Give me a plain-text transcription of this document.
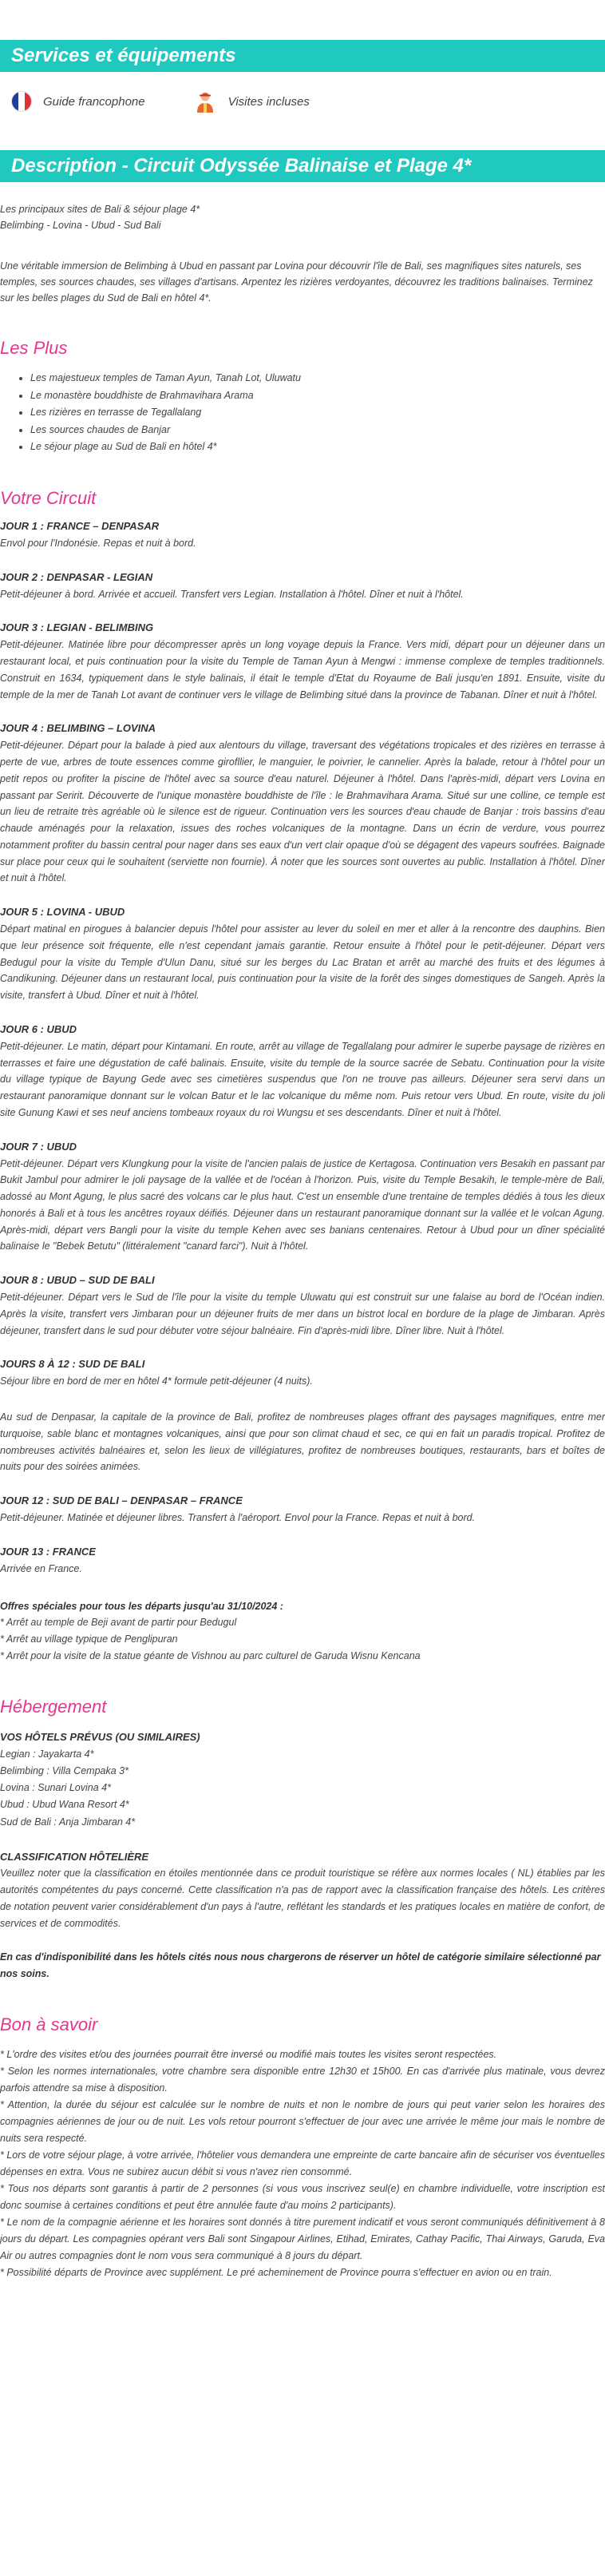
Services et équipements
Guide francophone	Visites incluses
Description - Circuit Odyssée Balinaise et Plage 4*

Les principaux sites de Bali & séjour plage 4*

Belimbing - Lovina - Ubud - Sud Bali

Une véritable immersion de Belimbing à Ubud en passant par Lovina pour découvrir l'île de Bali, ses magnifiques sites naturels, ses temples, ses sources chaudes, ses villages d'artisans. Arpentez les rizières verdoyantes, découvrez les traditions balinaises. Terminez sur les belles plages du Sud de Bali en hôtel 4*.

Les Plus
• Les majestueux temples de Taman Ayun, Tanah Lot, Uluwatu
• Le monastère bouddhiste de Brahmavihara Arama
• Les rizières en terrasse de Tegallalang
• Les sources chaudes de Banjar
• Le séjour plage au Sud de Bali en hôtel 4*
Votre Circuit
JOUR 1 : FRANCE – DENPASAR

Envol pour l'Indonésie. Repas et nuit à bord.

JOUR 2 : DENPASAR - LEGIAN

Petit-déjeuner à bord. Arrivée et accueil. Transfert vers Legian. Installation à l'hôtel. Dîner et nuit à l'hôtel.

JOUR 3 : LEGIAN - BELIMBING

Petit-déjeuner. Matinée libre pour décompresser après un long voyage depuis la France. Vers midi, départ pour un déjeuner dans un restaurant local, et puis continuation pour la visite du Temple de Taman Ayun à Mengwi : immense complexe de temples traditionnels. Construit en 1634, typiquement dans le style balinais, il était le temple d'Etat du Royaume de Bali jusqu'en 1891. Ensuite, visite du temple de la mer de Tanah Lot avant de continuer vers le village de Belimbing situé dans la province de Tabanan. Dîner et nuit à l'hôtel.

JOUR 4 : BELIMBING – LOVINA

Petit-déjeuner. Départ pour la balade à pied aux alentours du village, traversant des végétations tropicales et des rizières en terrasse à perte de vue, arbres de toute essences comme girofllier, le manguier, le poivrier, le cannelier. Après la balade, retour à l'hôtel pour un petit repos ou profiter la piscine de l'hôtel avec sa source d'eau naturel. Déjeuner à l'hôtel. Dans l'après-midi, départ vers Lovina en passant par Seririt. Découverte de l'unique monastère bouddhiste de l'île : le Brahmavihara Arama. Situé sur une colline, ce temple est un lieu de retraite très agréable où le silence est de rigueur. Continuation vers les sources d'eau chaude de Banjar : trois bassins d'eau chaude aménagés pour la relaxation, issues des roches volcaniques de la montagne. Dans un écrin de verdure, vous pourrez notamment profiter du bassin central pour nager dans ses eaux d'un vert clair opaque d'où se dégagent des vapeurs soufrées. Baignade sur place pour ceux qui le souhaitent (serviette non fournie). À noter que les sources sont ouvertes au public. Installation à l'hôtel. Dîner et nuit à l'hôtel.

JOUR 5 : LOVINA - UBUD

Départ matinal en pirogues à balancier depuis l'hôtel pour assister au lever du soleil en mer et aller à la rencontre des dauphins. Bien que leur présence soit fréquente, elle n'est cependant jamais garantie. Retour ensuite à l'hôtel pour le petit-déjeuner. Départ vers Bedugul pour la visite du Temple d'Ulun Danu, situé sur les berges du Lac Bratan et arrêt au marché des fruits et des légumes à Candikuning. Déjeuner dans un restaurant local, puis continuation pour la visite de la forêt des singes domestiques de Sangeh. Après la visite, transfert à Ubud. Dîner et nuit à l'hôtel.

JOUR 6 : UBUD

Petit-déjeuner. Le matin, départ pour Kintamani. En route, arrêt au village de Tegallalang pour admirer le superbe paysage de rizières en terrasses et faire une dégustation de café balinais. Ensuite, visite du temple de la source sacrée de Sebatu. Continuation pour la visite du village typique de Bayung Gede avec ses cimetières suspendus que l'on ne trouve pas ailleurs. Déjeuner sera servi dans un restaurant panoramique donnant sur le volcan Batur et le lac volcanique du même nom. Puis retour vers Ubud. En route, visite du joli site Gunung Kawi et ses neuf anciens tombeaux royaux du roi Wungsu et ses descendants. Dîner et nuit à l'hôtel.

JOUR 7 : UBUD

Petit-déjeuner. Départ vers Klungkung pour la visite de l'ancien palais de justice de Kertagosa. Continuation vers Besakih en passant par Bukit Jambul pour admirer le joli paysage de la vallée et de l'océan à l'horizon. Puis, visite du Temple Besakih, le temple-mère de Bali, adossé au Mont Agung, le plus sacré des volcans car le plus haut. C'est un ensemble d'une trentaine de temples dédiés à tous les dieux honorés à Bali et à tous les ancêtres royaux déifiés. Déjeuner dans un restaurant panoramique donnant sur la vallée et le volcan Agung. Après-midi, départ vers Bangli pour la visite du temple Kehen avec ses banians centenaires. Retour à Ubud pour un dîner spécialité balinaise le "Bebek Betutu" (littéralement "canard farci"). Nuit à l'hôtel.

JOUR 8 : UBUD – SUD DE BALI

Petit-déjeuner. Départ vers le Sud de l'île pour la visite du temple Uluwatu qui est construit sur une falaise au bord de l'Océan indien. Après la visite, transfert vers Jimbaran pour un déjeuner fruits de mer dans un bistrot local en bordure de la plage de Jimbaran. Après déjeuner, transfert dans le sud pour débuter votre séjour balnéaire. Fin d'après-midi libre. Dîner libre. Nuit à l'hôtel.

JOURS 8 À 12 : SUD DE BALI

Séjour libre en bord de mer en hôtel 4* formule petit-déjeuner (4 nuits).

Au sud de Denpasar, la capitale de la province de Bali, profitez de nombreuses plages offrant des paysages magnifiques, entre mer turquoise, sable blanc et montagnes volcaniques, ainsi que pour son climat chaud et sec, ce qui en fait un paradis tropical. Profitez de nombreuses activités balnéaires et, selon les lieux de villégiatures, profitez de nombreuses boutiques, restaurants, bars et boîtes de nuits pour des soirées animées.

JOUR 12 : SUD DE BALI – DENPASAR – FRANCE

Petit-déjeuner. Matinée et déjeuner libres. Transfert à l'aéroport. Envol pour la France. Repas et nuit à bord.

JOUR 13 : FRANCE

Arrivée en France.

Offres spéciales pour tous les départs jusqu'au 31/10/2024 :
* Arrêt au temple de Beji avant de partir pour Bedugul
* Arrêt au village typique de Penglipuran
* Arrêt pour la visite de la statue géante de Vishnou au parc culturel de Garuda Wisnu Kencana
Hébergement
VOS HÔTELS PRÉVUS (OU SIMILAIRES)
Legian : Jayakarta 4*
Belimbing : Villa Cempaka 3*
Lovina : Sunari Lovina 4*
Ubud : Ubud Wana Resort 4*
Sud de Bali : Anja Jimbaran 4*
CLASSIFICATION HÔTELIÈRE
Veuillez noter que la classification en étoiles mentionnée dans ce produit touristique se réfère aux normes locales ( NL) établies par les autorités compétentes du pays concerné. Cette classification n'a pas de rapport avec la classification française des hôtels. Les critères de notation peuvent varier considérablement d'un pays à l'autre, reflétant les standards et les pratiques locales en matière de confort, de services et de commodités.
En cas d'indisponibilité dans les hôtels cités nous nous chargerons de réserver un hôtel de catégorie similaire sélectionné par nos soins.
Bon à savoir
* L'ordre des visites et/ou des journées pourrait être inversé ou modifié mais toutes les visites seront respectées.
* Selon les normes internationales, votre chambre sera disponible entre 12h30 et 15h00. En cas d'arrivée plus matinale, vous devrez parfois attendre sa mise à disposition.
* Attention, la durée du séjour est calculée sur le nombre de nuits et non le nombre de jours qui peut varier selon les horaires des compagnies aériennes de jour ou de nuit. Les vols retour pourront s'effectuer de jour avec une arrivée le même jour mais le nombre de nuits sera respecté.
* Lors de votre séjour plage, à votre arrivée, l'hôtelier vous demandera une empreinte de carte bancaire afin de sécuriser vos éventuelles dépenses en extra. Vous ne subirez aucun débit si vous n'avez rien consommé.
* Tous nos départs sont garantis à partir de 2 personnes (si vous vous inscrivez seul(e) en chambre individuelle, votre inscription est donc soumise à certaines conditions et peut être annulée faute d'au moins 2 participants).
* Le nom de la compagnie aérienne et les horaires sont donnés à titre purement indicatif et vous seront communiqués définitivement à 8 jours du départ. Les compagnies opérant vers Bali sont Singapour Airlines, Etihad, Emirates, Cathay Pacific, Thai Airways, Garuda, Eva Air ou autres compagnies dont le nom vous sera communiqué à 8 jours du départ.
* Possibilité départs de Province avec supplément. Le pré acheminement de Province pourra s'effectuer en avion ou en train.
